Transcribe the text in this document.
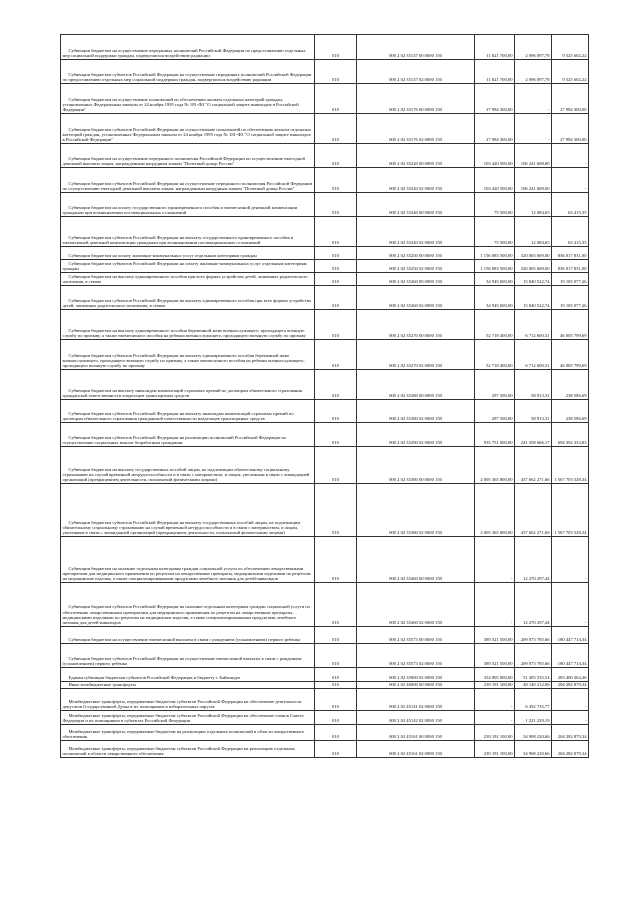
Субвенции бюджетам на осуществление переданных полномочий Российской Федерации по предоставлению отдельных мер социальной поддержки граждан, подвергшихся воздействию радиации	010	000 2 02 35137 00 0000 150	11 621 700,00	2 096 097,78	9 525 602,22
Субвенции бюджетам субъектов Российской Федерации на осуществление переданных полномочий Российской Федерации по предоставлению отдельных мер социальной поддержки граждан, подвергшихся воздействию радиации	010	000 2 02 35137 02 0000 150	11 621 700,00	2 096 097,78	9 525 602,22
Субвенции бюджетам на осуществление полномочий по обеспечению жильем отдельных категорий граждан, установленных Федеральным законом от 24 ноября 1995 года № 181-ФЗ "О социальной защите инвалидов в Российской Федерации"	010	000 2 02 35176 00 0000 150	27 984 300,00	-	27 984 300,00
Субвенции бюджетам субъектов Российской Федерации на осуществление полномочий по обеспечению жильем отдельных категорий граждан, установленных Федеральным законом от 24 ноября 1995 года № 181-ФЗ "О социальной защите инвалидов в Российской Федерации"	010	000 2 02 35176 02 0000 150	27 984 300,00	-	27 984 300,00
Субвенции бюджетам на осуществление переданного полномочия Российской Федерации по осуществлению ежегодной денежной выплаты лицам, награжденным нагрудным знаком "Почетный донор России"	010	000 2 02 35220 00 0000 150	103 420 500,00	106 241 608,00	-
Субвенции бюджетам субъектов Российской Федерации на осуществление переданного полномочия Российской Федерации по осуществлению ежегодной денежной выплаты лицам, награжденным нагрудным знаком "Почетный донор России"	010	000 2 02 35220 02 0000 150	103 420 500,00	106 241 608,00	-
Субвенции бюджетам на оплату государственного единовременного пособия и ежемесячной денежной компенсации гражданам при возникновении поствакцинальных осложнений	010	000 2 02 35240 00 0000 150	75 500,00	12 084,65	63 415,35
Субвенции бюджетам субъектов Российской Федерации на выплату государственного единовременного пособия и ежемесячной денежной компенсации гражданам при возникновении поствакцинальных осложнений	010	000 2 02 35240 02 0000 150	75 500,00	12 084,65	63 415,35
Субвенции бюджетам на оплату жилищно-коммунальных услуг отдельным категориям граждан	010	000 2 02 35250 00 0000 150	1 156 083 500,00	320 065 669,00	836 017 831,00
Субвенции бюджетам субъектов Российской Федерации на оплату жилищно-коммунальных услуг отдельным категориям граждан	010	000 2 02 35250 02 0000 150	1 156 083 500,00	320 065 669,00	836 017 831,00
Субвенции бюджетам на выплату единовременного пособия при всех формах устройства детей, лишенных родительского попечения, в семью	010	000 2 02 35260 00 0000 150	34 945 600,00	15 840 522,74	19 105 077,26
Субвенции бюджетам субъектов Российской Федерации на выплату единовременного пособия при всех формах устройства детей, лишенных родительского попечения, в семью	010	000 2 02 35260 02 0000 150	34 945 600,00	15 840 522,74	19 105 077,26
Субвенции бюджетам на выплату единовременного пособия беременной жене военнослужащего, проходящего военную службу по призыву, а также ежемесячного пособия на ребенка военнослужащего, проходящего военную службу по призыву	010	000 2 02 35270 00 0000 150	52 718 400,00	6 712 600,31	46 005 799,69
Субвенции бюджетам субъектов Российской Федерации на выплату единовременного пособия беременной жене военнослужащего, проходящего военную службу по призыву, а также ежемесячного пособия на ребенка военнослужащего, проходящего военную службу по призыву	010	000 2 02 35270 02 0000 150	52 718 400,00	6 712 600,31	46 005 799,69
Субвенции бюджетам на выплату инвалидам компенсаций страховых премий по договорам обязательного страхования гражданской ответственности владельцев транспортных средств	010	000 2 02 35280 00 0000 150	297 500,00	58 913,31	238 586,69
Субвенции бюджетам субъектов Российской Федерации на выплату инвалидам компенсаций страховых премий по договорам обязательного страхования гражданской ответственности владельцев транспортных средств	010	000 2 02 35280 02 0000 150	297 500,00	58 913,31	238 586,69
Субвенции бюджетам субъектов Российской Федерации на реализацию полномочий Российской Федерации по осуществлению социальных выплат безработным гражданам	010	000 2 02 35290 02 0000 150	935 751 000,00	241 358 666,17	694 392 333,83
Субвенции бюджетам на выплату государственных пособий лицам, не подлежащим обязательному социальному страхованию на случай временной нетрудоспособности и в связи с материнством, и лицам, уволенным в связи с ликвидацией организаций (прекращением деятельности, полномочий физическими лицами)	010	000 2 02 35380 00 0000 150	2 005 365 800,00	437 662 271,66	1 567 703 528,34
Субвенции бюджетам субъектов Российской Федерации на выплату государственных пособий лицам, не подлежащим обязательному социальному страхованию на случай временной нетрудоспособности и в связи с материнством, и лицам, уволенным в связи с ликвидацией организаций (прекращением деятельности, полномочий физическими лицами)	010	000 2 02 35380 02 0000 150	2 005 365 800,00	437 662 271,66	1 567 703 528,34
Субвенции бюджетам на оказание отдельным категориям граждан социальной услуги по обеспечению лекарственными препаратами для медицинского применения по рецептам на лекарственные препараты, медицинскими изделиями по рецептам на медицинские изделия, а также специализированными продуктами лечебного питания для детей-инвалидов	010	000 2 02 35460 00 0000 150	-	12 270 297,44	-
Субвенции бюджетам субъектов Российской Федерации на оказание отдельным категориям граждан социальной услуги по обеспечению лекарственными препаратами для медицинского применения по рецептам на лекарственные препараты, медицинскими изделиями по рецептам на медицинские изделия, а также специализированными продуктами лечебного питания для детей-инвалидов	010	000 2 02 35460 02 0000 150	-	12 270 297,44	-
Субвенции бюджетам на осуществление ежемесячной выплаты в связи с рождением (усыновлением) первого ребенка	010	000 2 02 35573 00 0000 150	389 521 500,00	209 073 785,66	180 447 714,34
Субвенции бюджетам субъектов Российской Федерации на осуществление ежемесячной выплаты в связи с рождением (усыновлением) первого ребенка	010	000 2 02 35573 02 0000 150	389 521 500,00	209 073 785,66	180 447 714,34
Единая субвенция бюджетам субъектов Российской Федерации и бюджету г. Байконура	010	000 2 02 35900 02 0000 150	334 805 800,00	51 405 535,54	283 400 264,46
Иные межбюджетные трансферты	010	000 2 02 40000 00 0000 150	239 191 100,00	48 140 212,06	204 282 879,34
Межбюджетные трансферты, передаваемые бюджетам субъектов Российской Федерации на обеспечение деятельности депутатов Государственной Думы и их помощников в избирательных округах	010	000 2 02 45141 02 0000 150	-	6 392 735,77	-
Межбюджетные трансферты, передаваемые бюджетам субъектов Российской Федерации на обеспечение членов Совета Федерации и их помощников в субъектах Российской Федерации	010	000 2 02 45142 02 0000 150	-	1 221 229,19	-
Межбюджетные трансферты, передаваемые бюджетам на реализацию отдельных полномочий в области лекарственного обеспечения	010	000 2 02 45161 00 0000 150	239 191 100,00	34 908 220,66	204 282 879,34
Межбюджетные трансферты, передаваемые бюджетам субъектов Российской Федерации на реализацию отдельных полномочий в области лекарственного обеспечения	010	000 2 02 45161 02 0000 150	239 191 100,00	34 908 220,66	204 282 879,34
